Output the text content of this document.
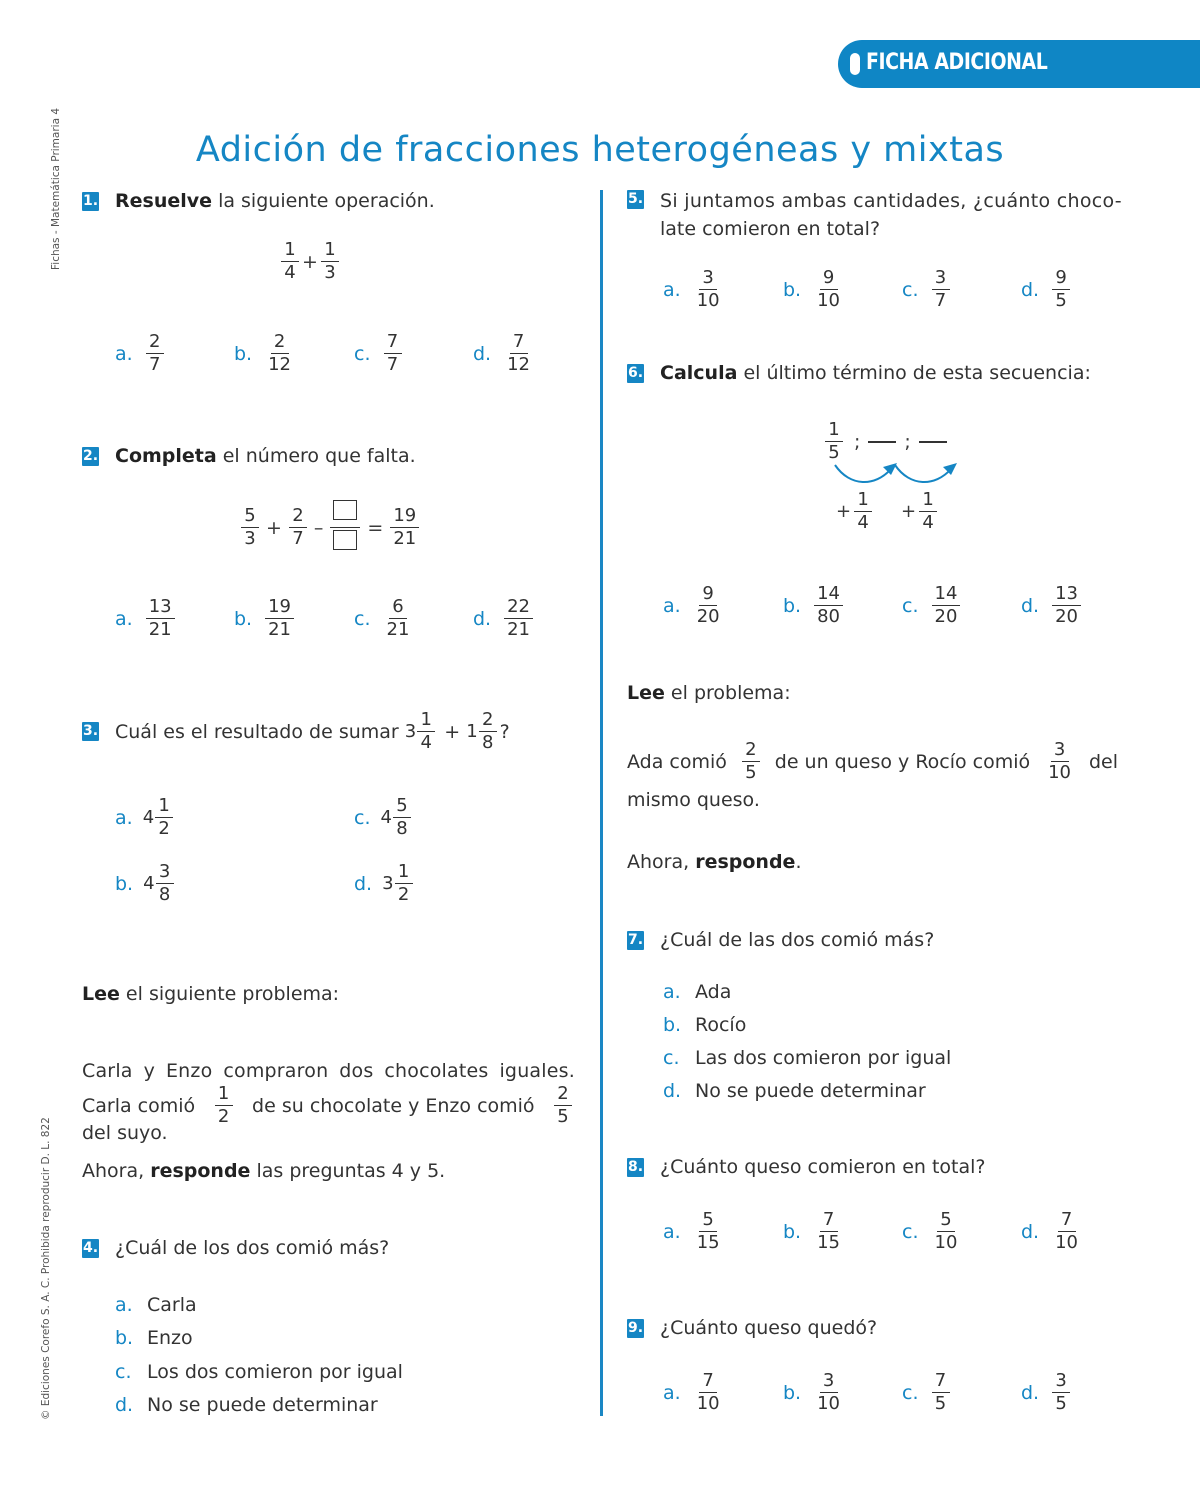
FICHA ADICIONAL
Fichas - Matemática Primaria 4
© Ediciones Corefo S. A. C. Prohibida reproducir D. L. 822
Adición de fracciones heterogéneas y mixtas
1. Resuelve la siguiente operación.
$\frac{1}{4} + \frac{1}{3}$
a. $\frac{2}{7}$	b. $\frac{2}{12}$	c. $\frac{7}{7}$	d. $\frac{7}{12}$
2. Completa el número que falta.
$\frac{5}{3} + \frac{2}{7}$ – = $\frac{19}{21}$
a. $\frac{13}{21}$	b. $\frac{19}{21}$	c. $\frac{6}{21}$	d. $\frac{22}{21}$
3. Cuál es el resultado de sumar $3 \frac{1}{4} + 1 \frac{2}{8}$ ?
a. $4 \frac{1}{2}$	c. $4 \frac{5}{8}$
b. $4 \frac{3}{8}$	d. $3 \frac{1}{2}$
Lee el siguiente problema:
Carla y Enzo compraron dos chocolates iguales.
Carla comió $\frac{1}{2}$ de su chocolate y Enzo comió $\frac{2}{5}$
del suyo.
Ahora, responde las preguntas 4 y 5.
4. ¿Cuál de los dos comió más?
a. Carla
b. Enzo
c. Los dos comieron por igual
d. No se puede determinar
5. Si juntamos ambas cantidades, ¿cuánto choco-
late comieron en total?
a. $\frac{3}{10}$	b. $\frac{9}{10}$	c. $\frac{3}{7}$	d. $\frac{9}{5}$
6. Calcula el último término de esta secuencia:
$\frac{1}{5}$ ; ;
+ $\frac{1}{4} + \frac{1}{4}$
a. $\frac{9}{20}$	b. $\frac{14}{80}$	c. $\frac{14}{20}$	d. $\frac{13}{20}$
Lee el problema:
Ada comió $\frac{2}{5}$ de un queso y Rocío comió $\frac{3}{10}$ del
mismo queso.
Ahora, responde.
7. ¿Cuál de las dos comió más?
a. Ada
b. Rocío
c. Las dos comieron por igual
d. No se puede determinar
8. ¿Cuánto queso comieron en total?
a. $\frac{5}{15}$	b. $\frac{7}{15}$	c. $\frac{5}{10}$	d. $\frac{7}{10}$
9. ¿Cuánto queso quedó?
a. $\frac{7}{10}$	b. $\frac{3}{10}$	c. $\frac{7}{5}$	d. $\frac{3}{5}$
